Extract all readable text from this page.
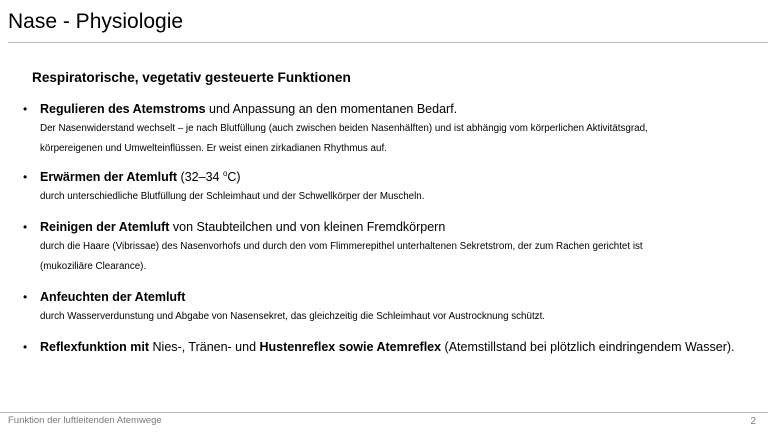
Nase - Physiologie
Respiratorische, vegetativ gesteuerte Funktionen
• Regulieren des Atemstroms und Anpassung an den momentanen Bedarf.
Der Nasenwiderstand wechselt – je nach Blutfüllung (auch zwischen beiden Nasenhälften) und ist abhängig vom körperlichen Aktivitätsgrad,
körpereigenen und Umwelteinflüssen. Er weist einen zirkadianen Rhythmus auf.
• Erwärmen der Atemluft (32–34 $^o$C)
durch unterschiedliche Blutfüllung der Schleimhaut und der Schwellkörper der Muscheln.
• Reinigen der Atemluft von Staubteilchen und von kleinen Fremdkörpern
durch die Haare (Vibrissae) des Nasenvorhofs und durch den vom Flimmerepithel unterhaltenen Sekretstrom, der zum Rachen gerichtet ist
(mukoziliäre Clearance).
• Anfeuchten der Atemluft
durch Wasserverdunstung und Abgabe von Nasensekret, das gleichzeitig die Schleimhaut vor Austrocknung schützt.
• Reflexfunktion mit Nies-, Tränen- und Hustenreflex sowie Atemreflex (Atemstillstand bei plötzlich eindringendem Wasser).
Funktion der luftleitenden Atemwege	2
